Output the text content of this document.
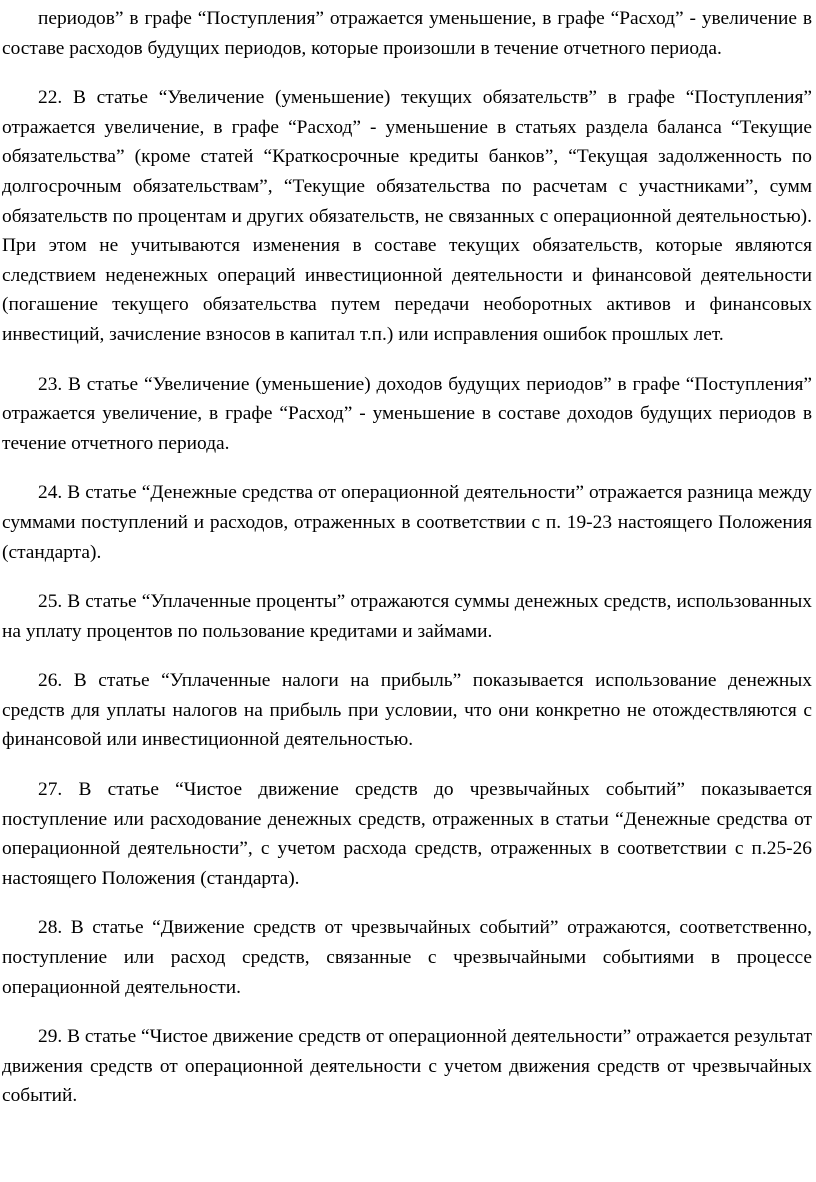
периодов” в графе “Поступления” отражается уменьшение, в графе “Расход” - увеличение в составе расходов будущих периодов, которые произошли в течение отчетного периода.

22. В статье “Увеличение (уменьшение) текущих обязательств” в графе “Поступления” отражается увеличение, в графе “Расход” - уменьшение в статьях раздела баланса “Текущие обязательства” (кроме статей “Краткосрочные кредиты банков”, “Текущая задолженность по долгосрочным обязательствам”, “Текущие обязательства по расчетам с участниками”, сумм обязательств по процентам и других обязательств, не связанных с операционной деятельностью). При этом не учитываются изменения в составе текущих обязательств, которые являются следствием неденежных операций инвестиционной деятельности и финансовой деятельности (погашение текущего обязательства путем передачи необоротных активов и финансовых инвестиций, зачисление взносов в капитал т.п.) или исправления ошибок прошлых лет.

23. В статье “Увеличение (уменьшение) доходов будущих периодов” в графе “Поступления” отражается увеличение, в графе “Расход” - уменьшение в составе доходов будущих периодов в течение отчетного периода.

24. В статье “Денежные средства от операционной деятельности” отражается разница между суммами поступлений и расходов, отраженных в соответствии с п. 19-23 настоящего Положения (стандарта).

25. В статье “Уплаченные проценты” отражаются суммы денежных средств, использованных на уплату процентов по пользование кредитами и займами.

26. В статье “Уплаченные налоги на прибыль” показывается использование денежных средств для уплаты налогов на прибыль при условии, что они конкретно не отождествляются с финансовой или инвестиционной деятельностью.

27. В статье “Чистое движение средств до чрезвычайных событий” показывается поступление или расходование денежных средств, отраженных в статьи “Денежные средства от операционной деятельности”, с учетом расхода средств, отраженных в соответствии с п.25-26 настоящего Положения (стандарта).

28. В статье “Движение средств от чрезвычайных событий” отражаются, соответственно, поступление или расход средств, связанные с чрезвычайными событиями в процессе операционной деятельности.

29. В статье “Чистое движение средств от операционной деятельности” отражается результат движения средств от операционной деятельности с учетом движения средств от чрезвычайных событий.
